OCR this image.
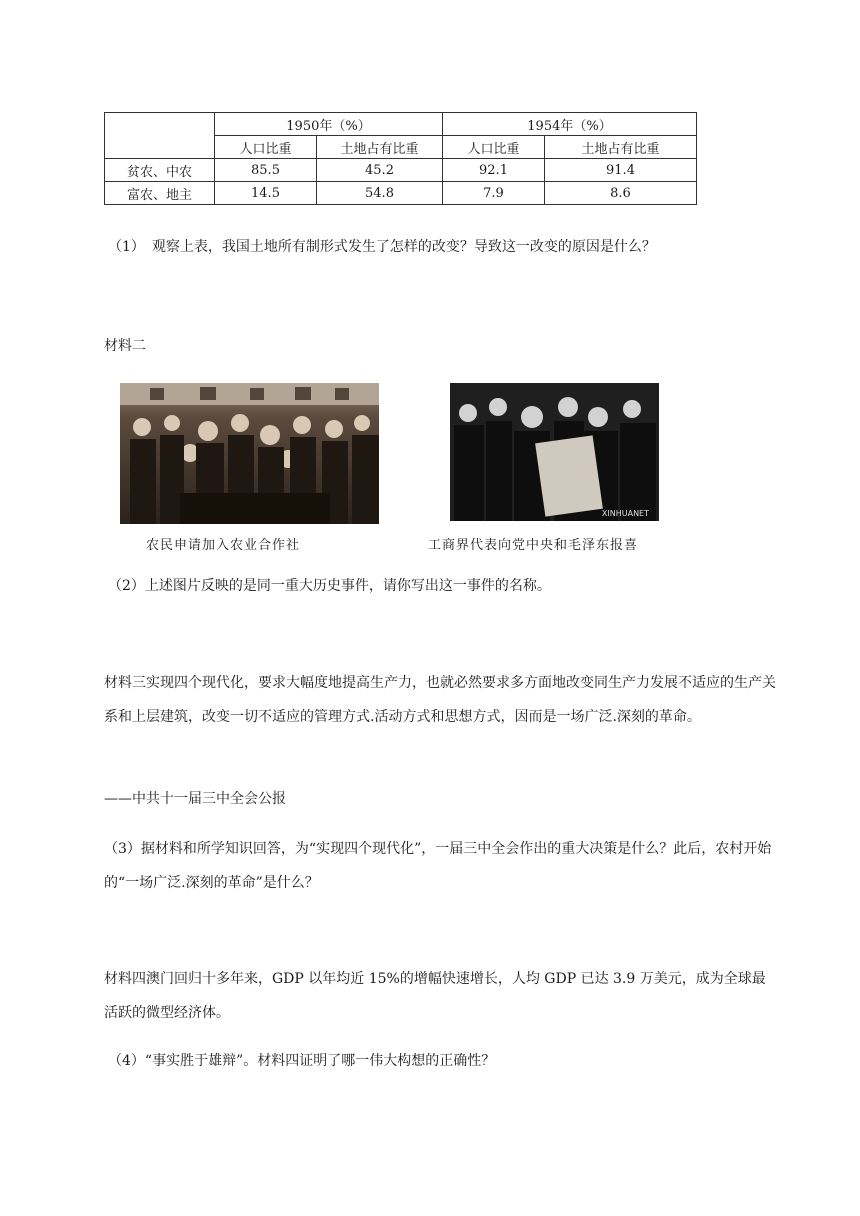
	1950年（%）		1954年（%）	
	人口比重	土地占有比重	人口比重	土地占有比重
贫农、中农	85.5	45.2	92.1	91.4
富农、地主	14.5	54.8	7.9	8.6
（1）　观察上表，我国土地所有制形式发生了怎样的改变？导致这一改变的原因是什么？
材料二
XINHUANET
农民申请加入农业合作社	工商界代表向党中央和毛泽东报喜
（2）上述图片反映的是同一重大历史事件，请你写出这一事件的名称。
材料三实现四个现代化，要求大幅度地提高生产力，也就必然要求多方面地改变同生产力发展不适应的生产关系和上层建筑，改变一切不适应的管理方式.活动方式和思想方式，因而是一场广泛.深刻的革命。
——中共十一届三中全会公报
（3）据材料和所学知识回答，为“实现四个现代化”，一届三中全会作出的重大决策是什么？此后，农村开始的“一场广泛.深刻的革命”是什么？
材料四澳门回归十多年来，GDP 以年均近 15%的增幅快速增长，人均 GDP 已达 3.9 万美元，成为全球最活跃的微型经济体。
（4）“事实胜于雄辩”。材料四证明了哪一伟大构想的正确性？
